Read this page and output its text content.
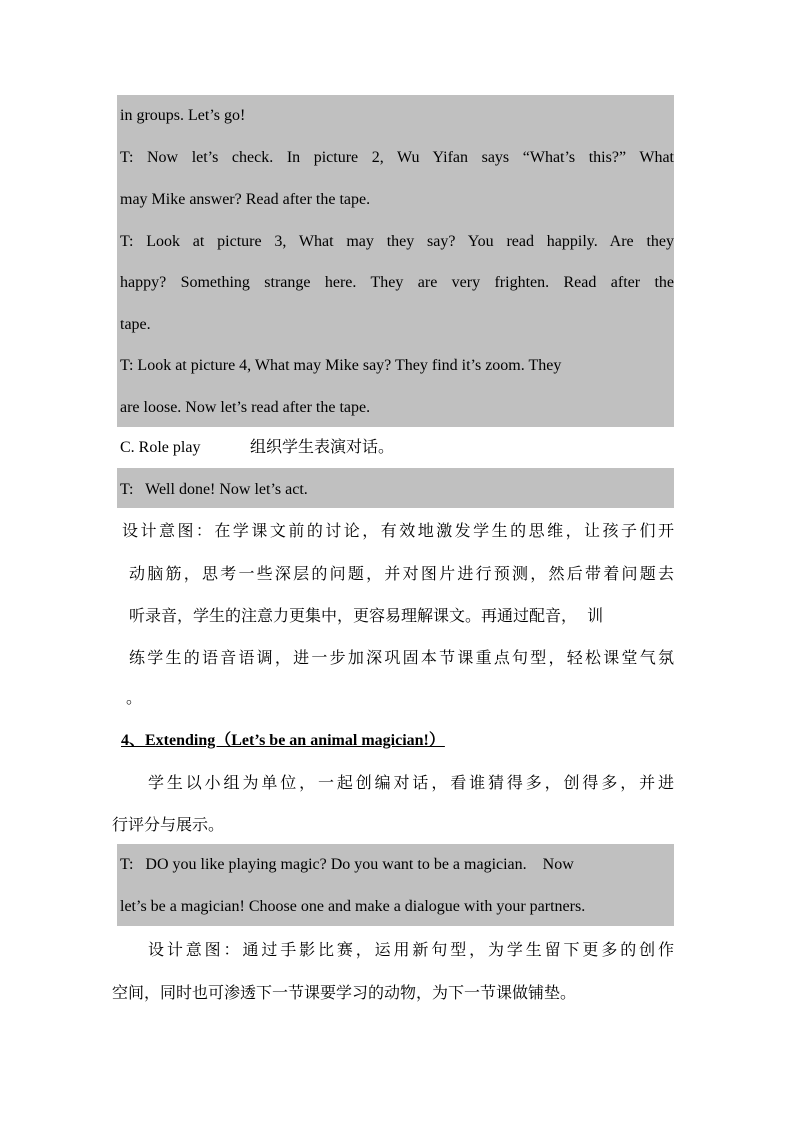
in groups. Let’s go!
T: Now let’s check. In picture 2, Wu Yifan says “What’s this?” What
may Mike answer? Read after the tape.
T: Look at picture 3, What may they say? You read happily. Are they
happy? Something strange here. They are very frighten. Read after the
tape.
T: Look at picture 4, What may Mike say? They find it’s zoom. They
are loose. Now let’s read after the tape.
C. Role play	组织学生表演对话。
T:   Well done! Now let’s act.
设计意图：在学课文前的讨论，有效地激发学生的思维，让孩子们开
动脑筋，思考一些深层的问题，并对图片进行预测，然后带着问题去
听录音，学生的注意力更集中，更容易理解课文。再通过配音，  训
练学生的语音语调，进一步加深巩固本节课重点句型，轻松课堂气氛
。
4、Extending（Let’s be an animal magician!）
学生以小组为单位，一起创编对话，看谁猜得多，创得多，并进
行评分与展示。
T:   DO you like playing magic? Do you want to be a magician.    Now
let’s be a magician! Choose one and make a dialogue with your partners.
设计意图：通过手影比赛，运用新句型，为学生留下更多的创作
空间，同时也可渗透下一节课要学习的动物，为下一节课做铺垫。
